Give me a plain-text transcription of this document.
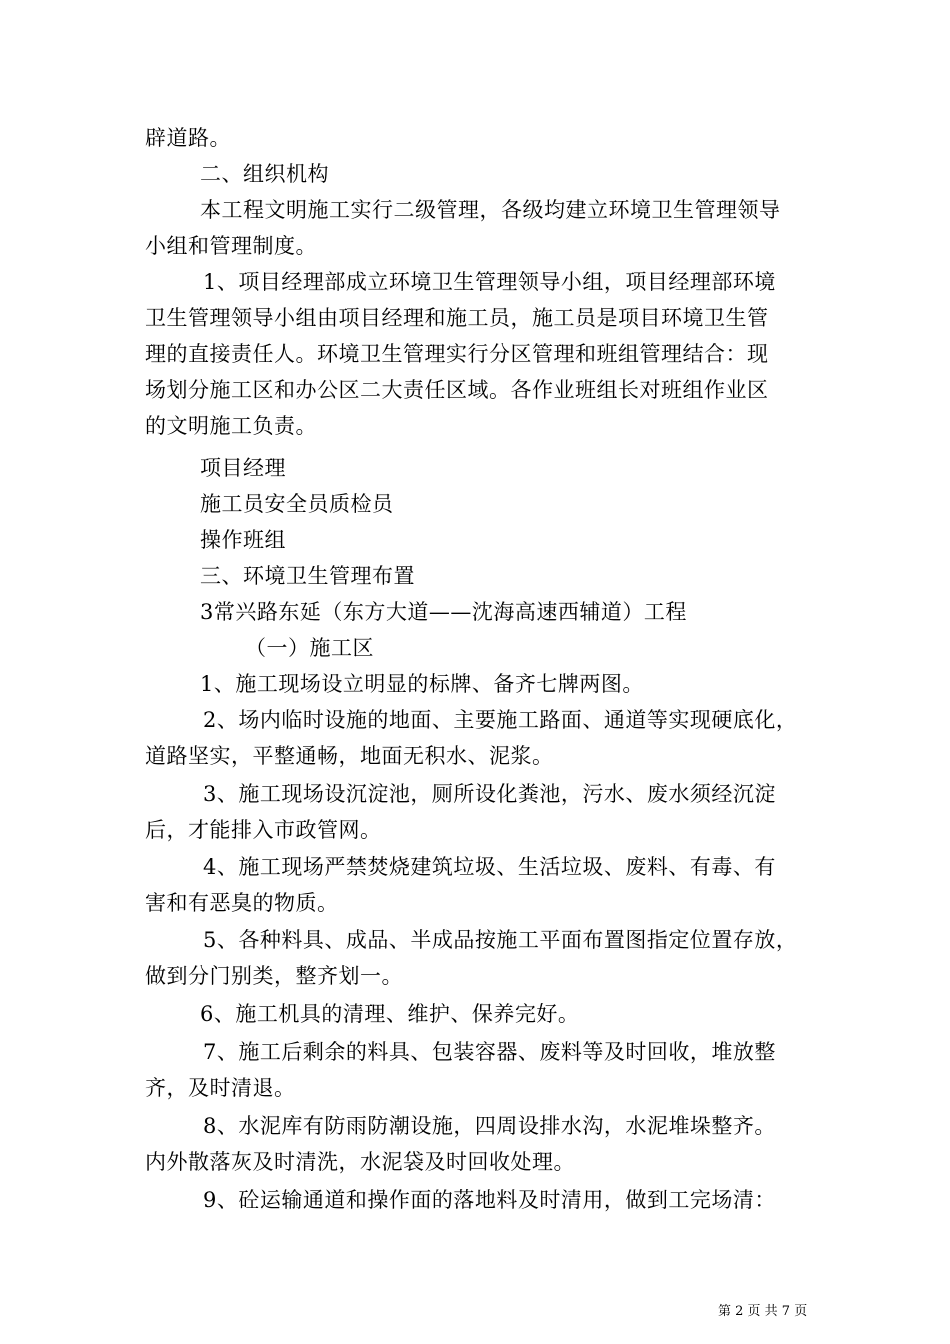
辟道路。
二、组织机构
本工程文明施工实行二级管理，各级均建立环境卫生管理领导
小组和管理制度。
1、项目经理部成立环境卫生管理领导小组，项目经理部环境
卫生管理领导小组由项目经理和施工员，施工员是项目环境卫生管
理的直接责任人。环境卫生管理实行分区管理和班组管理结合：现
场划分施工区和办公区二大责任区域。各作业班组长对班组作业区
的文明施工负责。
项目经理
施工员安全员质检员
操作班组
三、环境卫生管理布置
3常兴路东延（东方大道——沈海高速西辅道）工程
（一）施工区
1、施工现场设立明显的标牌、备齐七牌两图。
2、场内临时设施的地面、主要施工路面、通道等实现硬底化，
道路坚实，平整通畅，地面无积水、泥浆。
3、施工现场设沉淀池，厕所设化粪池，污水、废水须经沉淀
后，才能排入市政管网。
4、施工现场严禁焚烧建筑垃圾、生活垃圾、废料、有毒、有
害和有恶臭的物质。
5、各种料具、成品、半成品按施工平面布置图指定位置存放，
做到分门别类，整齐划一。
6、施工机具的清理、维护、保养完好。
7、施工后剩余的料具、包装容器、废料等及时回收，堆放整
齐，及时清退。
8、水泥库有防雨防潮设施，四周设排水沟，水泥堆垛整齐。
内外散落灰及时清洗，水泥袋及时回收处理。
9、砼运输通道和操作面的落地料及时清用，做到工完场清：
第 2 页 共 7 页
